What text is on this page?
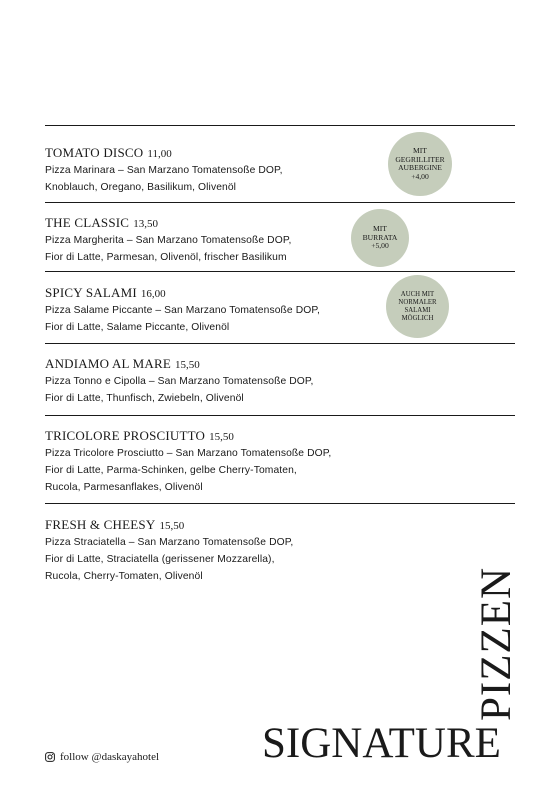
TOMATO DISCO 11,00

Pizza Marinara – San Marzano Tomatensoße DOP,

Knoblauch, Oregano, Basilikum, Olivenöl

MIT
GEGRILLITER
AUBERGINE
+4,00

THE CLASSIC 13,50

Pizza Margherita – San Marzano Tomatensoße DOP,

Fior di Latte, Parmesan, Olivenöl, frischer Basilikum

MIT
BURRATA
+5,00

SPICY SALAMI 16,00

Pizza Salame Piccante – San Marzano Tomatensoße DOP,

Fior di Latte, Salame Piccante, Olivenöl

AUCH MIT
NORMALER
SALAMI
MÖGLICH

ANDIAMO AL MARE 15,50

Pizza Tonno e Cipolla – San Marzano Tomatensoße DOP,

Fior di Latte, Thunfisch, Zwiebeln, Olivenöl

TRICOLORE PROSCIUTTO 15,50

Pizza Tricolore Prosciutto – San Marzano Tomatensoße DOP,

Fior di Latte, Parma-Schinken, gelbe Cherry-Tomaten,

Rucola, Parmesanflakes, Olivenöl

FRESH & CHEESY 15,50

Pizza Straciatella – San Marzano Tomatensoße DOP,

Fior di Latte, Straciatella (gerissener Mozzarella),

Rucola, Cherry-Tomaten, Olivenöl

follow @daskayahotel SIGNATURE
PIZZEN
